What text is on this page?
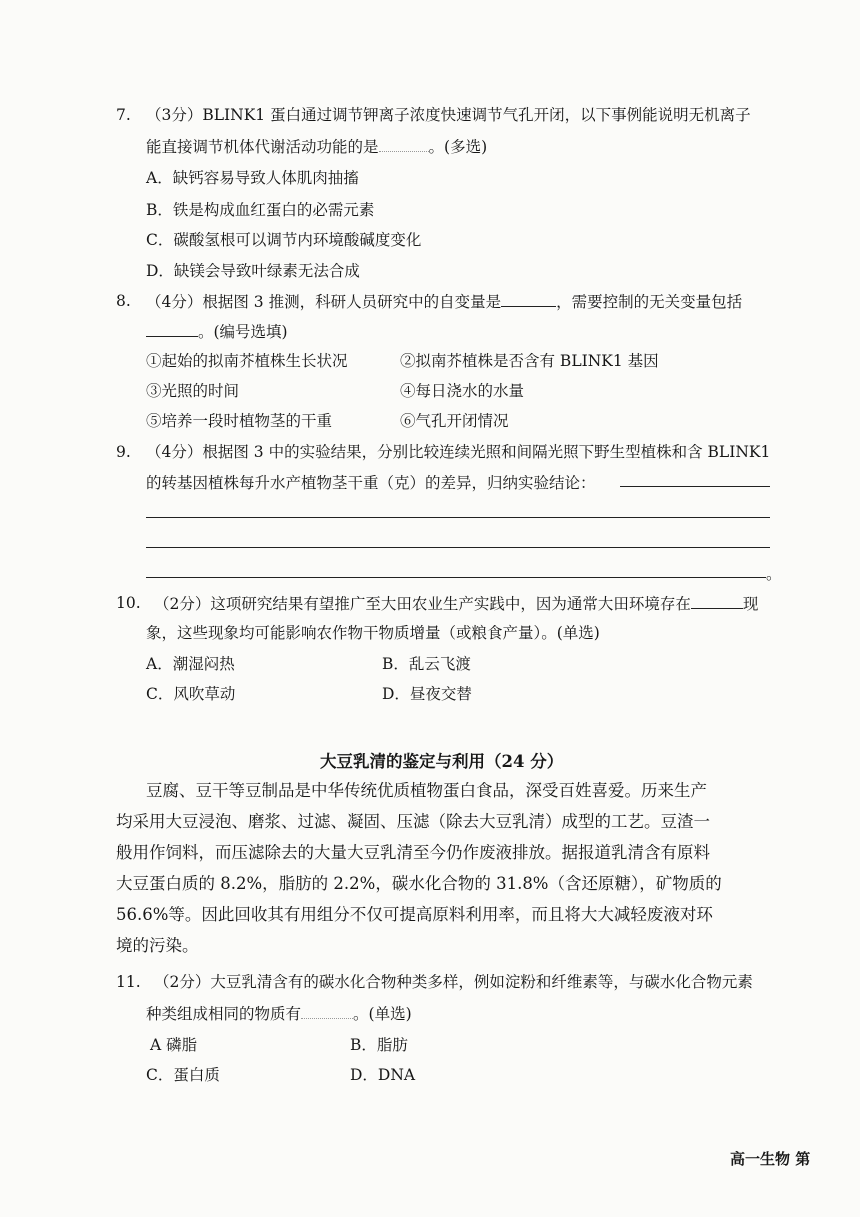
7. （3分）BLINK1 蛋白通过调节钾离子浓度快速调节气孔开闭，以下事例能说明无机离子
能直接调节机体代谢活动功能的是	。(多选)
A．缺钙容易导致人体肌肉抽搐
B．铁是构成血红蛋白的必需元素
C．碳酸氢根可以调节内环境酸碱度变化
D．缺镁会导致叶绿素无法合成
8. （4分）根据图 3 推测，科研人员研究中的自变量是	，需要控制的无关变量包括
。(编号选填)
①起始的拟南芥植株生长状况	②拟南芥植株是否含有 BLINK1 基因
③光照的时间	④每日浇水的水量
⑤培养一段时植物茎的干重	⑥气孔开闭情况
9. （4分）根据图 3 中的实验结果，分别比较连续光照和间隔光照下野生型植株和含 BLINK1
的转基因植株每升水产植物茎干重（克）的差异，归纳实验结论：
。
10. （2分）这项研究结果有望推广至大田农业生产实践中，因为通常大田环境存在	现
象，这些现象均可能影响农作物干物质增量（或粮食产量）。(单选)
A．潮湿闷热	B．乱云飞渡
C．风吹草动	D．昼夜交替
大豆乳清的鉴定与利用（24 分）
豆腐、豆干等豆制品是中华传统优质植物蛋白食品，深受百姓喜爱。历来生产
均采用大豆浸泡、磨浆、过滤、凝固、压滤（除去大豆乳清）成型的工艺。豆渣一
般用作饲料，而压滤除去的大量大豆乳清至今仍作废液排放。据报道乳清含有原料
大豆蛋白质的 8.2%，脂肪的 2.2%，碳水化合物的 31.8%（含还原糖），矿物质的
56.6%等。因此回收其有用组分不仅可提高原料利用率，而且将大大减轻废液对环
境的污染。
11. （2分）大豆乳清含有的碳水化合物种类多样，例如淀粉和纤维素等，与碳水化合物元素
种类组成相同的物质有	。(单选)
A 磷脂	B．脂肪
C．蛋白质	D．DNA
高一生物 第
